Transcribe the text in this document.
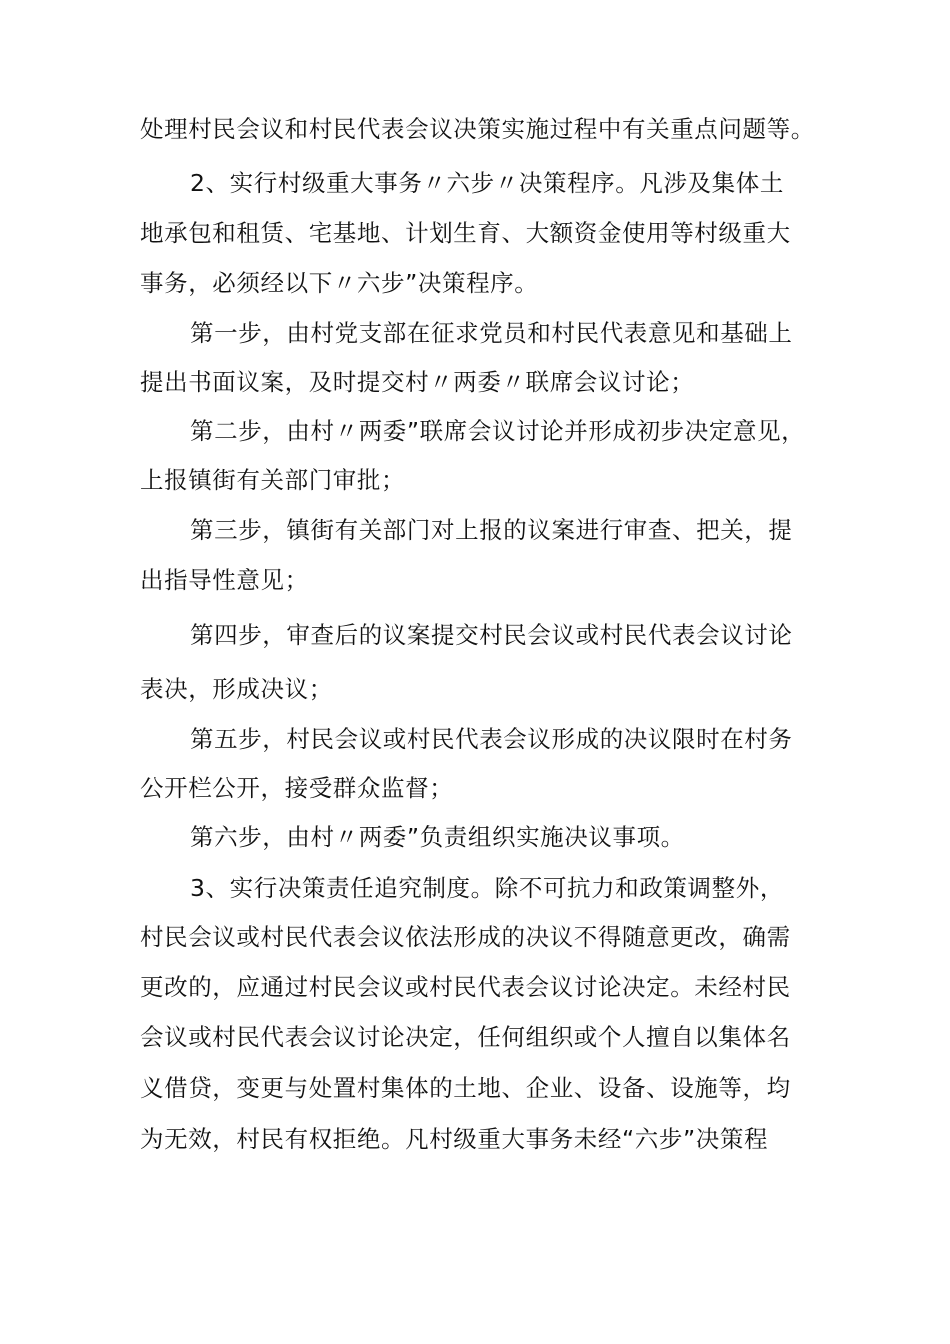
处理村民会议和村民代表会议决策实施过程中有关重点问题等。
2、实行村级重大事务〃六步〃决策程序。凡涉及集体土
地承包和租赁、宅基地、计划生育、大额资金使用等村级重大
事务，必须经以下〃六步”决策程序。
第一步，由村党支部在征求党员和村民代表意见和基础上
提出书面议案，及时提交村〃两委〃联席会议讨论；
第二步，由村〃两委”联席会议讨论并形成初步决定意见，
上报镇街有关部门审批；
第三步，镇街有关部门对上报的议案进行审查、把关，提
出指导性意见；
第四步，审查后的议案提交村民会议或村民代表会议讨论
表决，形成决议；
第五步，村民会议或村民代表会议形成的决议限时在村务
公开栏公开，接受群众监督；
第六步，由村〃两委”负责组织实施决议事项。
3、实行决策责任追究制度。除不可抗力和政策调整外，
村民会议或村民代表会议依法形成的决议不得随意更改，确需
更改的，应通过村民会议或村民代表会议讨论决定。未经村民
会议或村民代表会议讨论决定，任何组织或个人擅自以集体名
义借贷，变更与处置村集体的土地、企业、设备、设施等，均
为无效，村民有权拒绝。凡村级重大事务未经“六步”决策程
